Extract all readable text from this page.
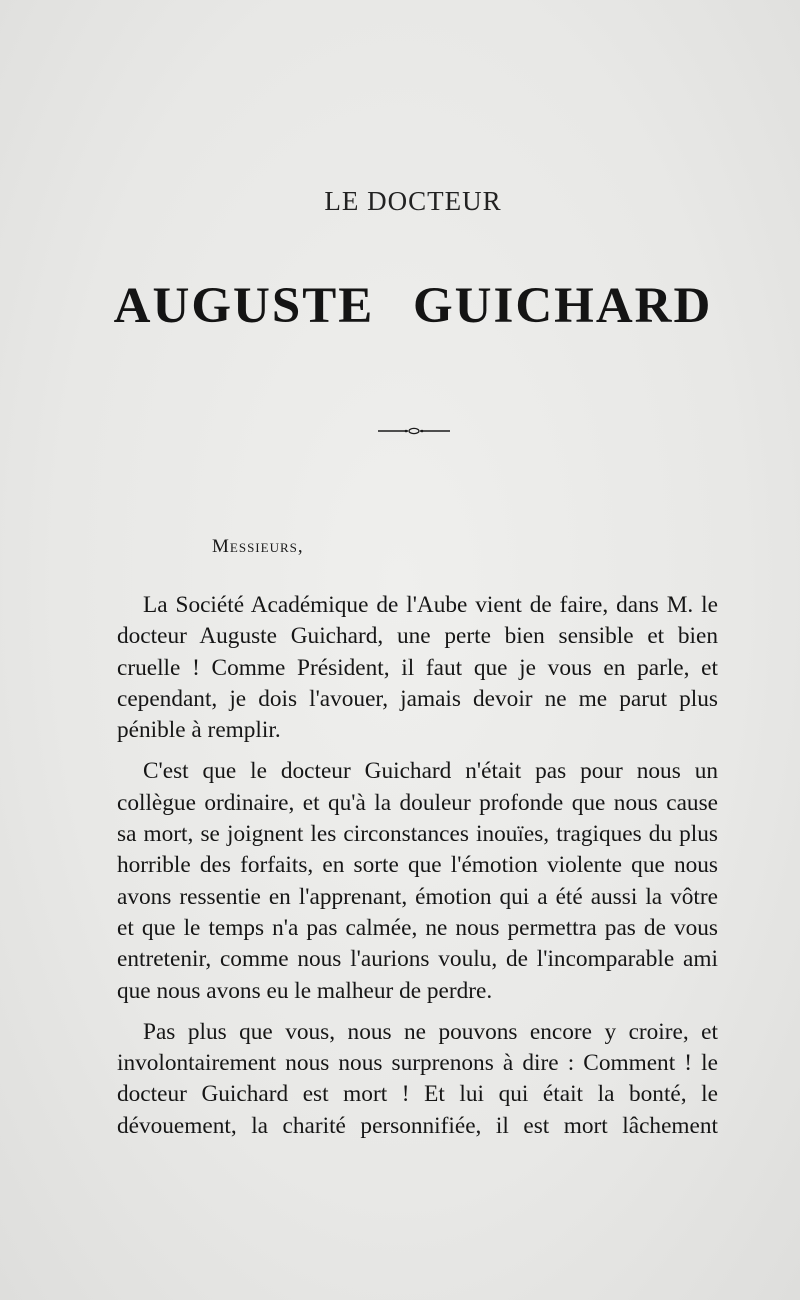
LE DOCTEUR
AUGUSTE GUICHARD
Messieurs,

La Société Académique de l'Aube vient de faire, dans M. le docteur Auguste Guichard, une perte bien sensible et bien cruelle ! Comme Président, il faut que je vous en parle, et cependant, je dois l'avouer, jamais devoir ne me parut plus pénible à remplir.

C'est que le docteur Guichard n'était pas pour nous un collègue ordinaire, et qu'à la douleur profonde que nous cause sa mort, se joignent les circonstances inouïes, tragiques du plus horrible des forfaits, en sorte que l'émotion violente que nous avons ressentie en l'apprenant, émotion qui a été aussi la vôtre et que le temps n'a pas calmée, ne nous permettra pas de vous entretenir, comme nous l'aurions voulu, de l'incomparable ami que nous avons eu le malheur de perdre.

Pas plus que vous, nous ne pouvons encore y croire, et involontairement nous nous surprenons à dire : Comment ! le docteur Guichard est mort ! Et lui qui était la bonté, le dévouement, la charité personnifiée, il est mort lâchement
